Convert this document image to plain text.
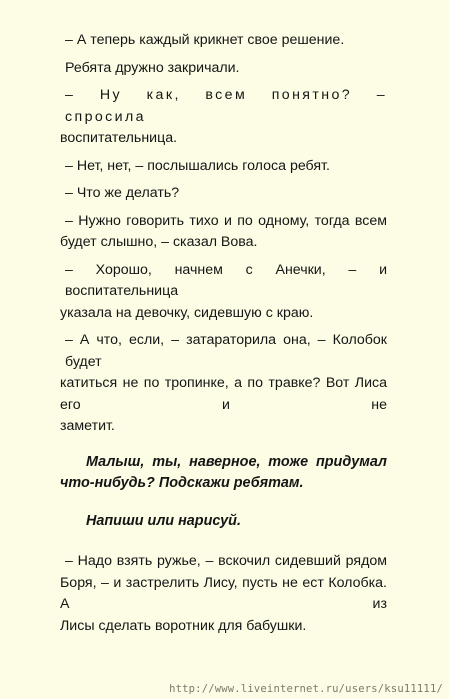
– А теперь каждый крикнет свое решение.

Ребята дружно закричали.

– Ну как, всем понятно? – спросила
воспитательница.

– Нет, нет, – послышались голоса ребят.

– Что же делать?

– Нужно говорить тихо и по одному, тогда всем
будет слышно, – сказал Вова.

– Хорошо, начнем с Анечки, – и воспитательница
указала на девочку, сидевшую с краю.

– А что, если, – затараторила она, – Колобок будет
катиться не по тропинке, а по травке? Вот Лиса его и не
заметит.

Малыш, ты, наверное, тоже придумал
что-нибудь? Подскажи ребятам.

Напиши или нарисуй.

– Надо взять ружье, – вскочил сидевший рядом
Боря, – и застрелить Лису, пусть не ест Колобка. А из
Лисы сделать воротник для бабушки.

http://www.liveinternet.ru/users/ksu11111/
